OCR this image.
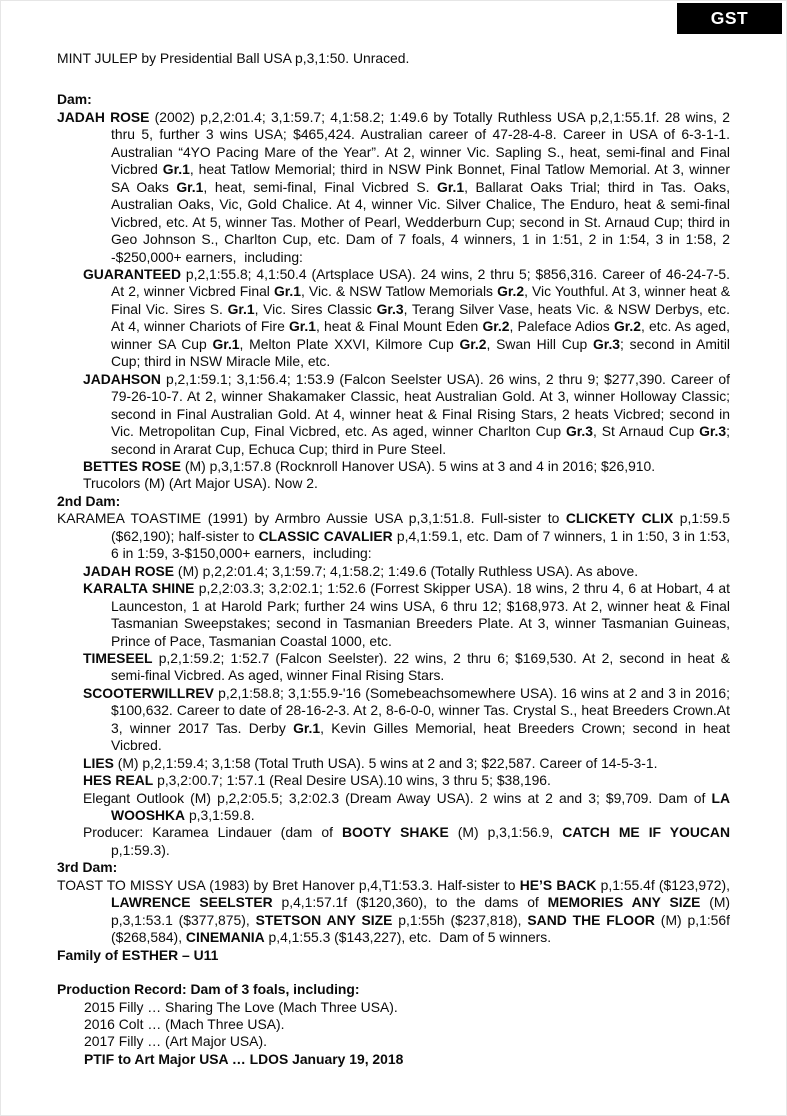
GST

MINT JULEP by Presidential Ball USA p,3,1:50. Unraced.

Dam:

JADAH ROSE (2002) p,2,2:01.4; 3,1:59.7; 4,1:58.2; 1:49.6 by Totally Ruthless USA p,2,1:55.1f. 28 wins, 2 thru 5, further 3 wins USA; $465,424. Australian career of 47-28-4-8. Career in USA of 6-3-1-1. Australian “4YO Pacing Mare of the Year”. At 2, winner Vic. Sapling S., heat, semi-final and Final Vicbred Gr.1, heat Tatlow Memorial; third in NSW Pink Bonnet, Final Tatlow Memorial. At 3, winner SA Oaks Gr.1, heat, semi-final, Final Vicbred S. Gr.1, Ballarat Oaks Trial; third in Tas. Oaks, Australian Oaks, Vic, Gold Chalice. At 4, winner Vic. Silver Chalice, The Enduro, heat & semi-final Vicbred, etc. At 5, winner Tas. Mother of Pearl, Wedderburn Cup; second in St. Arnaud Cup; third in Geo Johnson S., Charlton Cup, etc. Dam of 7 foals, 4 winners, 1 in 1:51, 2 in 1:54, 3 in 1:58, 2 -$250,000+ earners,  including:

GUARANTEED p,2,1:55.8; 4,1:50.4 (Artsplace USA). 24 wins, 2 thru 5; $856,316. Career of 46-24-7-5. At 2, winner Vicbred Final Gr.1, Vic. & NSW Tatlow Memorials Gr.2, Vic Youthful. At 3, winner heat & Final Vic. Sires S. Gr.1, Vic. Sires Classic Gr.3, Terang Silver Vase, heats Vic. & NSW Derbys, etc. At 4, winner Chariots of Fire Gr.1, heat & Final Mount Eden Gr.2, Paleface Adios Gr.2, etc. As aged, winner SA Cup Gr.1, Melton Plate XXVI, Kilmore Cup Gr.2, Swan Hill Cup Gr.3; second in Amitil Cup; third in NSW Miracle Mile, etc.

JADAHSON p,2,1:59.1; 3,1:56.4; 1:53.9 (Falcon Seelster USA). 26 wins, 2 thru 9; $277,390. Career of 79-26-10-7. At 2, winner Shakamaker Classic, heat Australian Gold. At 3, winner Holloway Classic; second in Final Australian Gold. At 4, winner heat & Final Rising Stars, 2 heats Vicbred; second in Vic. Metropolitan Cup, Final Vicbred, etc. As aged, winner Charlton Cup Gr.3, St Arnaud Cup Gr.3; second in Ararat Cup, Echuca Cup; third in Pure Steel.

BETTES ROSE (M) p,3,1:57.8 (Rocknroll Hanover USA). 5 wins at 3 and 4 in 2016; $26,910.

Trucolors (M) (Art Major USA). Now 2.

2nd Dam:

KARAMEA TOASTIME (1991) by Armbro Aussie USA p,3,1:51.8. Full-sister to CLICKETY CLIX p,1:59.5 ($62,190); half-sister to CLASSIC CAVALIER p,4,1:59.1, etc. Dam of 7 winners, 1 in 1:50, 3 in 1:53, 6 in 1:59, 3-$150,000+ earners,  including:

JADAH ROSE (M) p,2,2:01.4; 3,1:59.7; 4,1:58.2; 1:49.6 (Totally Ruthless USA). As above.

KARALTA SHINE p,2,2:03.3; 3,2:02.1; 1:52.6 (Forrest Skipper USA). 18 wins, 2 thru 4, 6 at Hobart, 4 at Launceston, 1 at Harold Park; further 24 wins USA, 6 thru 12; $168,973. At 2, winner heat & Final Tasmanian Sweepstakes; second in Tasmanian Breeders Plate. At 3, winner Tasmanian Guineas, Prince of Pace, Tasmanian Coastal 1000, etc.

TIMESEEL p,2,1:59.2; 1:52.7 (Falcon Seelster). 22 wins, 2 thru 6; $169,530. At 2, second in heat & semi-final Vicbred. As aged, winner Final Rising Stars.

SCOOTERWILLREV p,2,1:58.8; 3,1:55.9-'16 (Somebeachsomewhere USA). 16 wins at 2 and 3 in 2016; $100,632. Career to date of 28-16-2-3. At 2, 8-6-0-0, winner Tas. Crystal S., heat Breeders Crown.At 3, winner 2017 Tas. Derby Gr.1, Kevin Gilles Memorial, heat Breeders Crown; second in heat Vicbred.

LIES (M) p,2,1:59.4; 3,1:58 (Total Truth USA). 5 wins at 2 and 3; $22,587. Career of 14-5-3-1.

HES REAL p,3,2:00.7; 1:57.1 (Real Desire USA).10 wins, 3 thru 5; $38,196.

Elegant Outlook (M) p,2,2:05.5; 3,2:02.3 (Dream Away USA). 2 wins at 2 and 3; $9,709. Dam of LA WOOSHKA p,3,1:59.8.

Producer: Karamea Lindauer (dam of BOOTY SHAKE (M) p,3,1:56.9, CATCH ME IF YOUCAN p,1:59.3).

3rd Dam:

TOAST TO MISSY USA (1983) by Bret Hanover p,4,T1:53.3. Half-sister to HE’S BACK p,1:55.4f ($123,972), LAWRENCE SEELSTER p,4,1:57.1f ($120,360), to the dams of MEMORIES ANY SIZE (M) p,3,1:53.1 ($377,875), STETSON ANY SIZE p,1:55h ($237,818), SAND THE FLOOR (M) p,1:56f ($268,584), CINEMANIA p,4,1:55.3 ($143,227), etc.  Dam of 5 winners.

Family of ESTHER – U11

Production Record: Dam of 3 foals, including:

2015 Filly … Sharing The Love (Mach Three USA).

2016 Colt … (Mach Three USA).

2017 Filly … (Art Major USA).

PTIF to Art Major USA … LDOS January 19, 2018
